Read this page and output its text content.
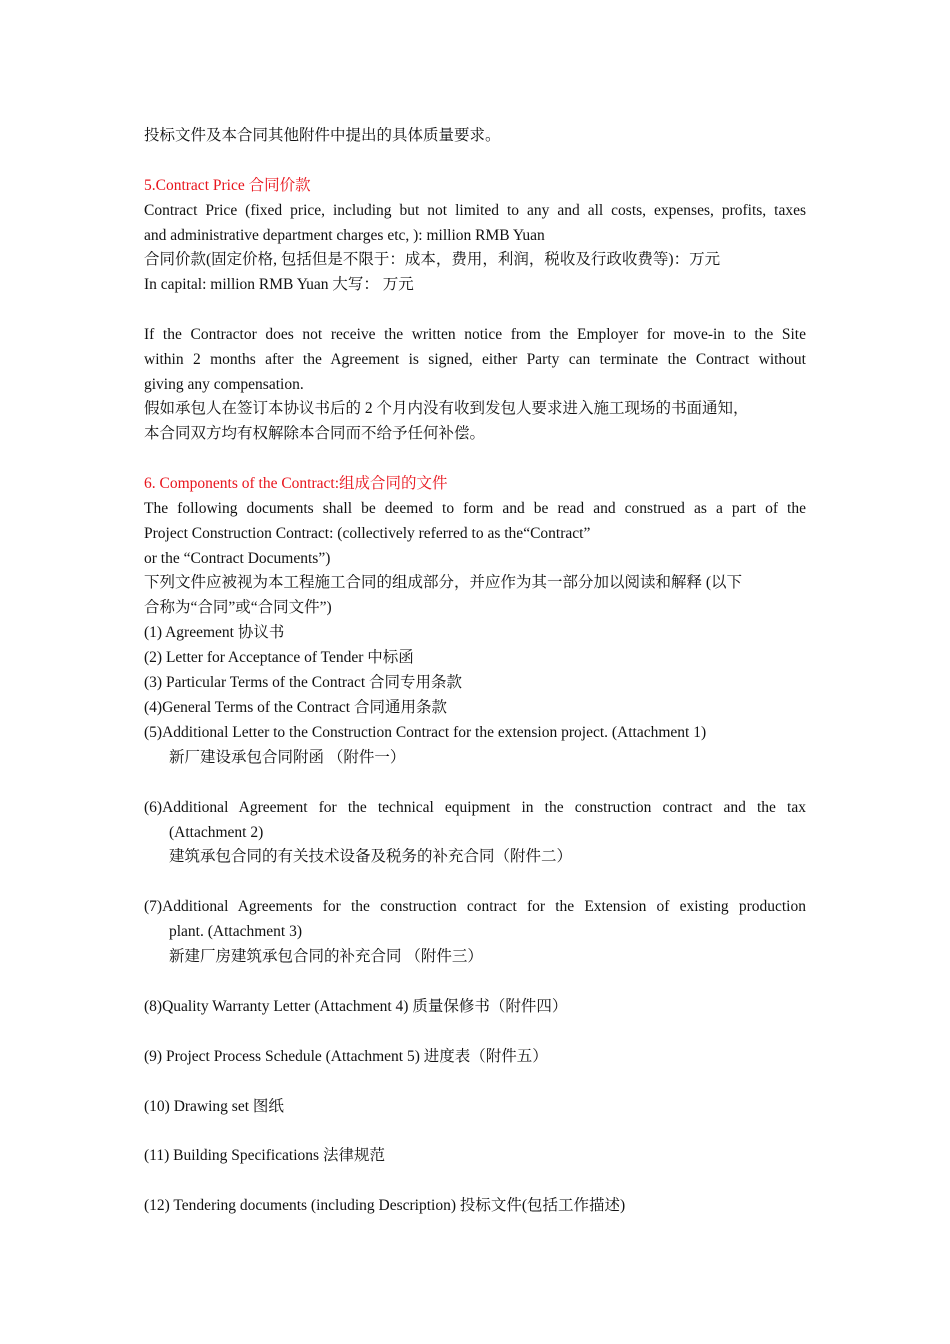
投标文件及本合同其他附件中提出的具体质量要求。
5.Contract Price 合同价款
Contract Price (fixed price, including but not limited to any and all costs, expenses, profits, taxes
and administrative department charges etc, ): million RMB Yuan
合同价款(固定价格, 包括但是不限于：成本，费用，利润，税收及行政收费等)：万元
In capital: million RMB Yuan 大写： 万元
If the Contractor does not receive the written notice from the Employer for move-in to the Site
within 2 months after the Agreement is signed, either Party can terminate the Contract without
giving any compensation.
假如承包人在签订本协议书后的 2 个月内没有收到发包人要求进入施工现场的书面通知，
本合同双方均有权解除本合同而不给予任何补偿。
6. Components of the Contract:组成合同的文件
The following documents shall be deemed to form and be read and construed as a part of the
Project Construction Contract: (collectively referred to as the“Contract”
or the “Contract Documents”)
下列文件应被视为本工程施工合同的组成部分，并应作为其一部分加以阅读和解释 (以下
合称为“合同”或“合同文件”)
(1) Agreement 协议书
(2) Letter for Acceptance of Tender 中标函
(3) Particular Terms of the Contract 合同专用条款
(4)General Terms of the Contract 合同通用条款
(5)Additional Letter to the Construction Contract for the extension project. (Attachment 1)
新厂建设承包合同附函 （附件一）
(6)Additional Agreement for the technical equipment in the construction contract and the tax
(Attachment 2)
建筑承包合同的有关技术设备及税务的补充合同（附件二）
(7)Additional Agreements for the construction contract for the Extension of existing production
plant. (Attachment 3)
新建厂房建筑承包合同的补充合同 （附件三）
(8)Quality Warranty Letter (Attachment 4) 质量保修书（附件四）
(9) Project Process Schedule (Attachment 5) 进度表（附件五）
(10) Drawing set 图纸
(11) Building Specifications 法律规范
(12) Tendering documents (including Description) 投标文件(包括工作描述)
